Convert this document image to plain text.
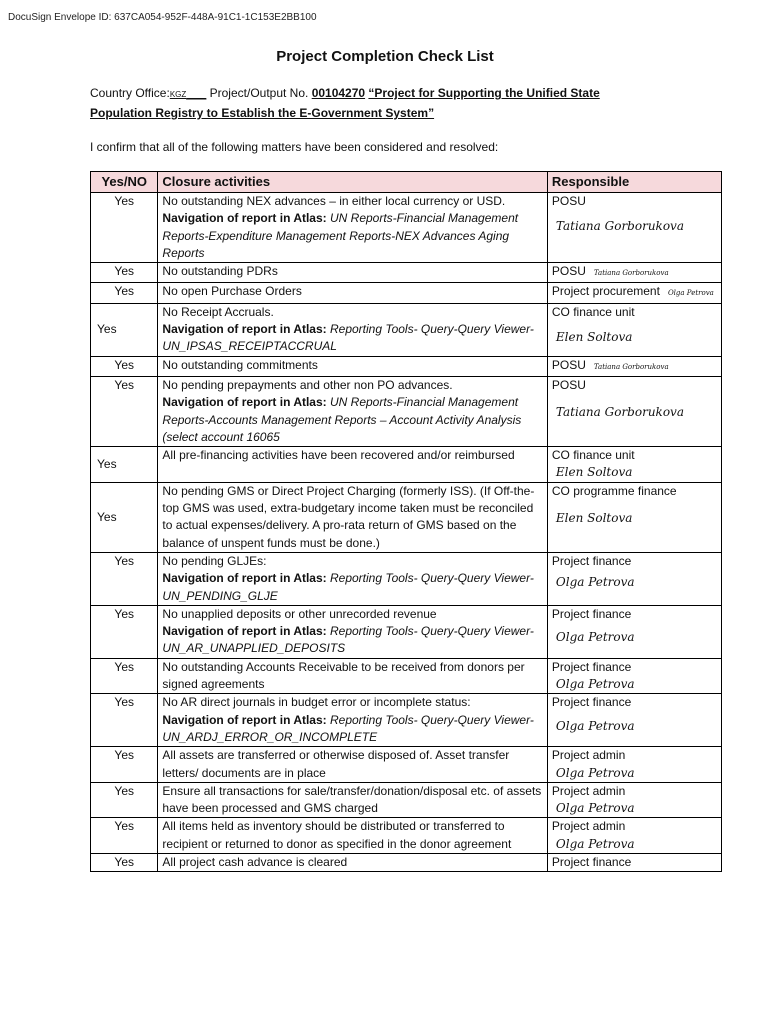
DocuSign Envelope ID: 637CA054-952F-448A-91C1-1C153E2BB100
Project Completion Check List
Country Office:KGZ___ Project/Output No. 00104270 “Project for Supporting the Unified State
Population Registry to Establish the E-Government System”
I confirm that all of the following matters have been considered and resolved:
Yes/NO	Closure activities	Responsible
Yes	No outstanding NEX advances – in either local currency or USD.
Navigation of report in Atlas: UN Reports-Financial Management Reports-Expenditure Management Reports-NEX Advances Aging Reports	POSU
Tatiana Gorborukova

Yes	No outstanding PDRs	POSU Tatiana Gorborukova
Yes	No open Purchase Orders	Project procurement Olga Petrova
Yes	No Receipt Accruals.
Navigation of report in Atlas: Reporting Tools- Query-Query Viewer-UN_IPSAS_RECEIPTACCRUAL	CO finance unit
Elen Soltova

Yes	No outstanding commitments	POSU Tatiana Gorborukova
Yes	No pending prepayments and other non PO advances.
Navigation of report in Atlas: UN Reports-Financial Management Reports-Accounts Management Reports – Account Activity Analysis (select account 16065	POSU
Tatiana Gorborukova

Yes	All pre-financing activities have been recovered and/or reimbursed	CO finance unit
Elen Soltova

Yes	No pending GMS or Direct Project Charging (formerly ISS). (If Off-the-top GMS was used, extra-budgetary income taken must be reconciled to actual expenses/delivery. A pro-rata return of GMS based on the balance of unspent funds must be done.)	CO programme finance
Elen Soltova

Yes	No pending GLJEs:
Navigation of report in Atlas: Reporting Tools- Query-Query Viewer-UN_PENDING_GLJE	Project finance
Olga Petrova

Yes	No unapplied deposits or other unrecorded revenue
Navigation of report in Atlas: Reporting Tools- Query-Query Viewer-UN_AR_UNAPPLIED_DEPOSITS	Project finance
Olga Petrova

Yes	No outstanding Accounts Receivable to be received from donors per signed agreements	Project finance
Olga Petrova

Yes	No AR direct journals in budget error or incomplete status:
Navigation of report in Atlas: Reporting Tools- Query-Query Viewer-UN_ARDJ_ERROR_OR_INCOMPLETE	Project finance
Olga Petrova

Yes	All assets are transferred or otherwise disposed of. Asset transfer letters/ documents are in place	Project admin
Olga Petrova

Yes	Ensure all transactions for sale/transfer/donation/disposal etc. of assets have been processed and GMS charged	Project admin
Olga Petrova

Yes	All items held as inventory should be distributed or transferred to recipient or returned to donor as specified in the donor agreement	Project admin
Olga Petrova

Yes	All project cash advance is cleared	Project finance
